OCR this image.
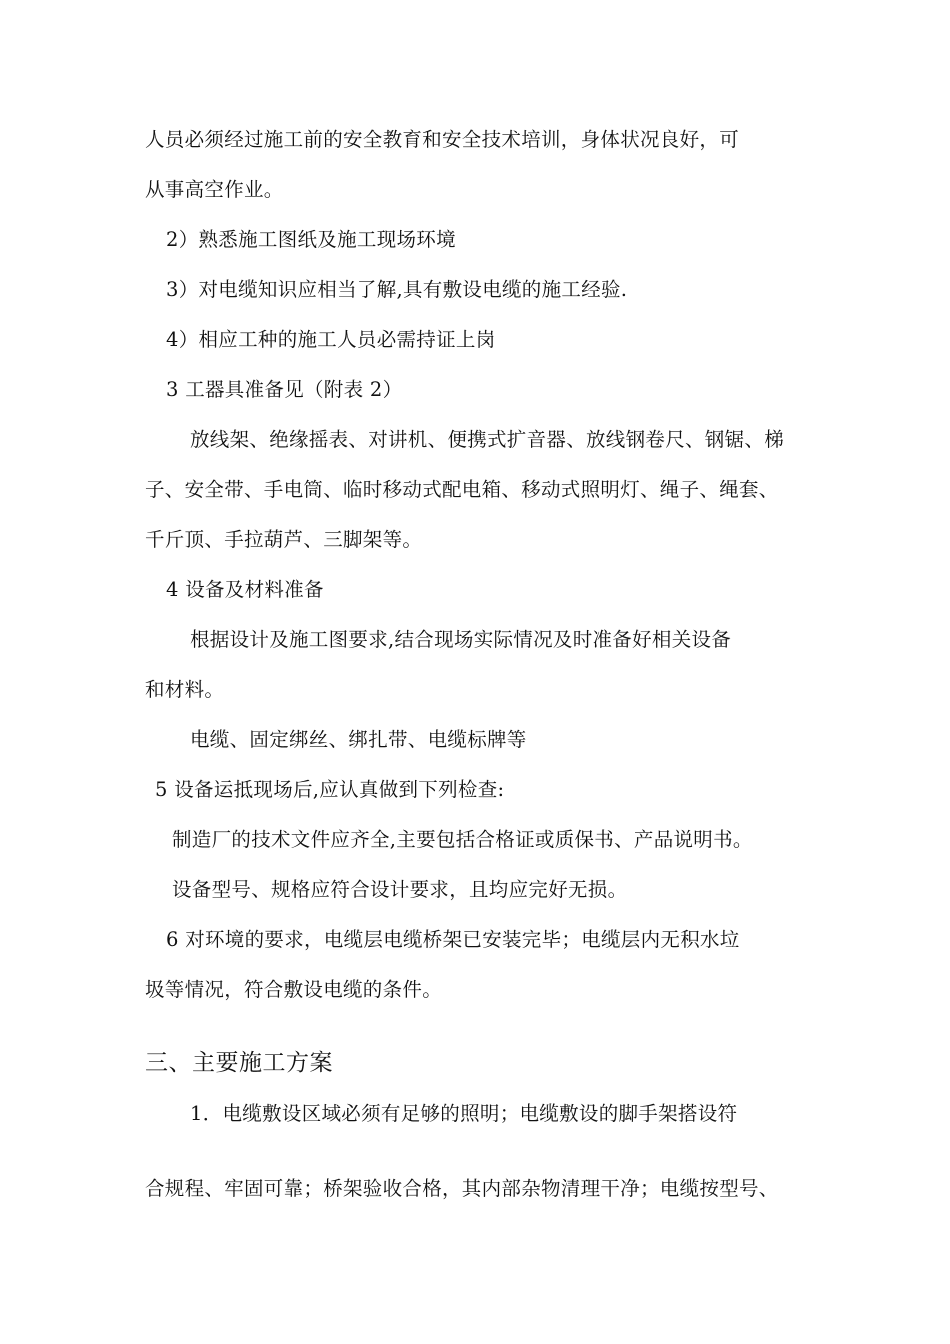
人员必须经过施工前的安全教育和安全技术培训，身体状况良好，可
从事高空作业。
2）熟悉施工图纸及施工现场环境
3）对电缆知识应相当了解,具有敷设电缆的施工经验.
4）相应工种的施工人员必需持证上岗
3 工器具准备见（附表 2）
放线架、绝缘摇表、对讲机、便携式扩音器、放线钢卷尺、钢锯、梯
子、安全带、手电筒、临时移动式配电箱、移动式照明灯、绳子、绳套、
千斤顶、手拉葫芦、三脚架等。
4 设备及材料准备
根据设计及施工图要求,结合现场实际情况及时准备好相关设备
和材料。
电缆、固定绑丝、绑扎带、电缆标牌等
5 设备运抵现场后,应认真做到下列检查:
制造厂的技术文件应齐全,主要包括合格证或质保书、产品说明书。
设备型号、规格应符合设计要求，且均应完好无损。
6 对环境的要求，电缆层电缆桥架已安装完毕；电缆层内无积水垃
圾等情况，符合敷设电缆的条件。
三、主要施工方案
1．电缆敷设区域必须有足够的照明；电缆敷设的脚手架搭设符
合规程、牢固可靠；桥架验收合格，其内部杂物清理干净；电缆按型号、
